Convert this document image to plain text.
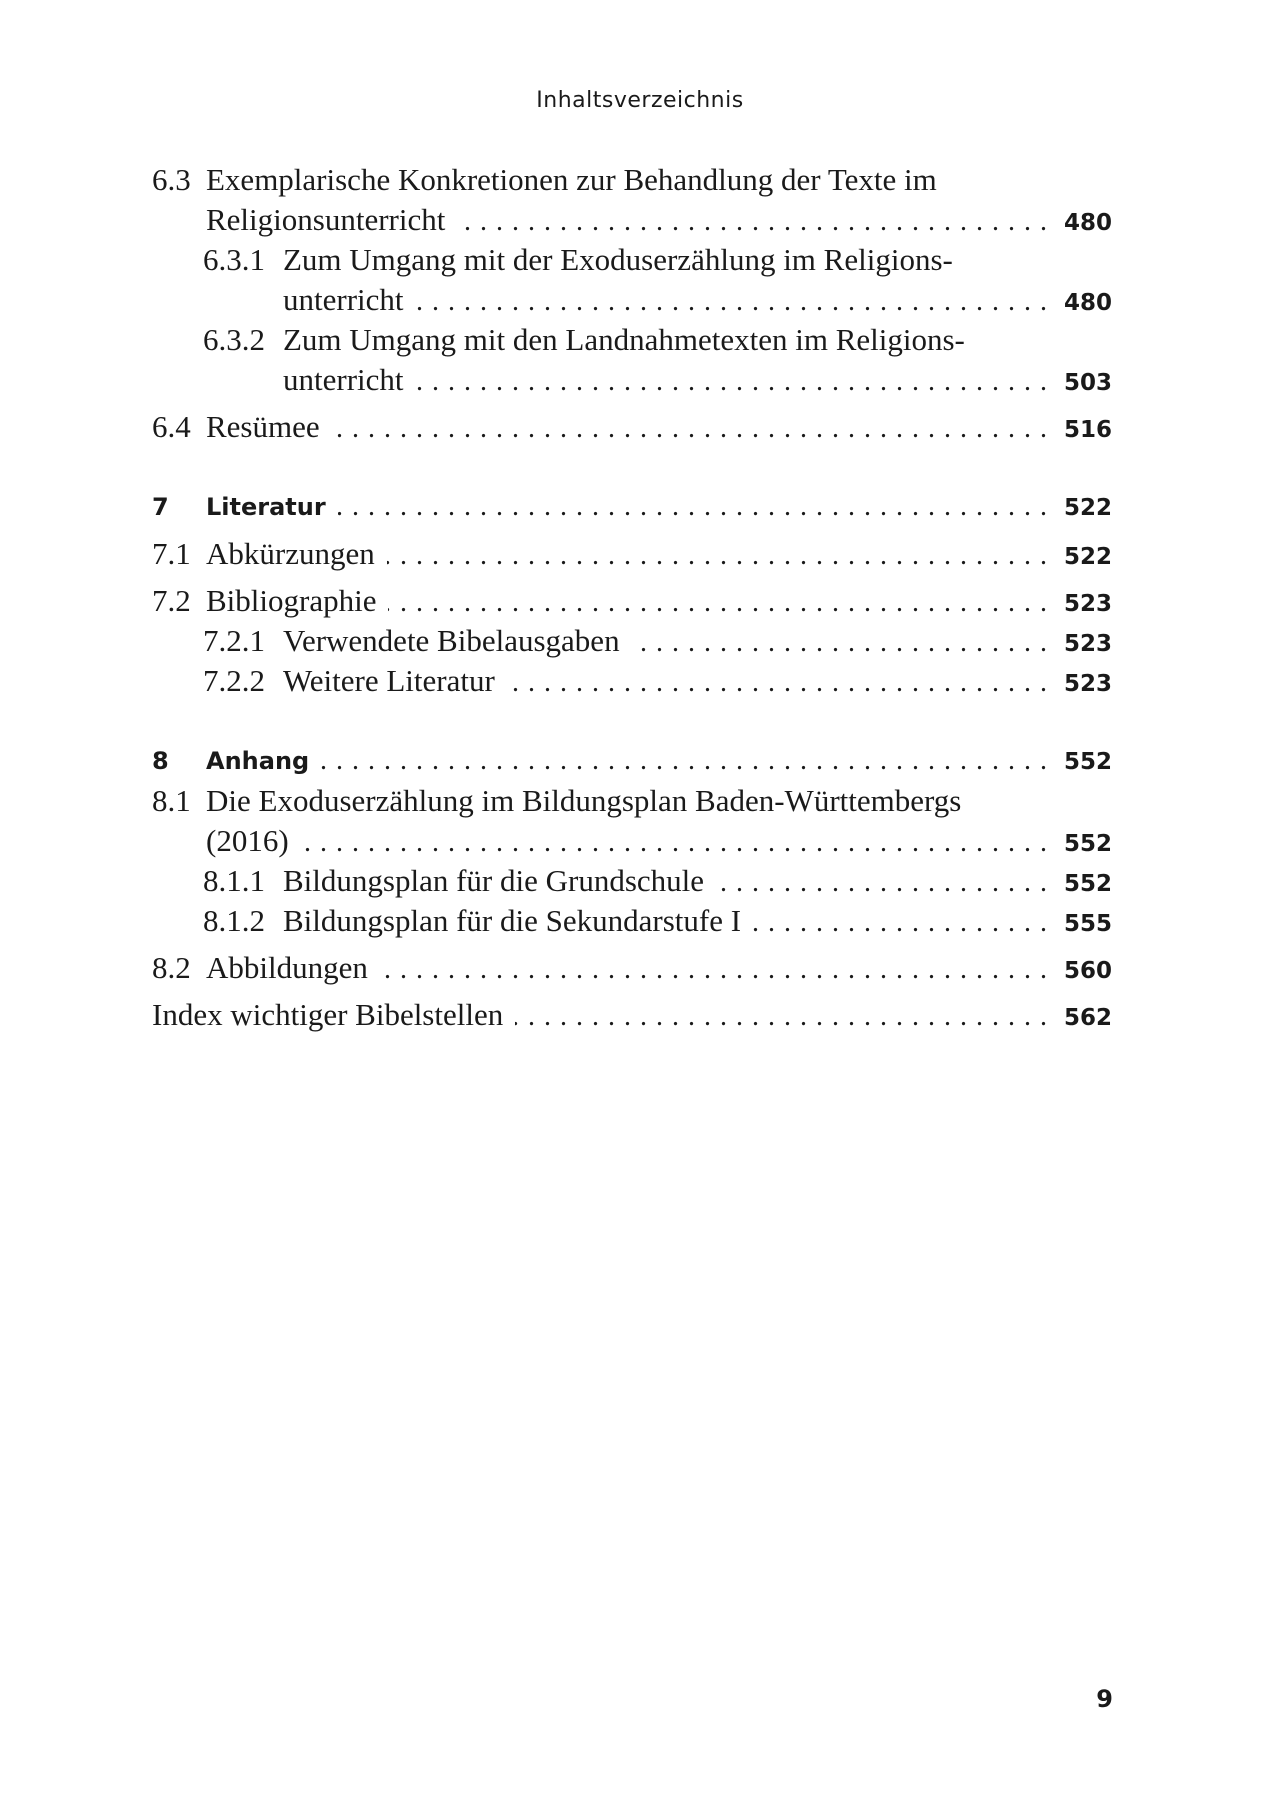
Inhaltsverzeichnis
6.3 Exemplarische Konkretionen zur Behandlung der Texte im
Religionsunterricht . . .	480
6.3.1 Zum Umgang mit der Exoduserzählung im Religions-
unterricht . . .	480
6.3.2 Zum Umgang mit den Landnahmetexten im Religions-
unterricht . . .	503
6.4 Resümee . . .	516
7	Literatur . . .	522
7.1 Abkürzungen . . .	522
7.2 Bibliographie . . .	523
7.2.1 Verwendete Bibelausgaben . . .	523
7.2.2 Weitere Literatur . . .	523
8	Anhang . . .	552
8.1 Die Exoduserzählung im Bildungsplan Baden-Württembergs
(2016) . . .	552
8.1.1 Bildungsplan für die Grundschule . . .	552
8.1.2 Bildungsplan für die Sekundarstufe I . . .	555
8.2 Abbildungen . . .	560
Index wichtiger Bibelstellen . . .	562
9
